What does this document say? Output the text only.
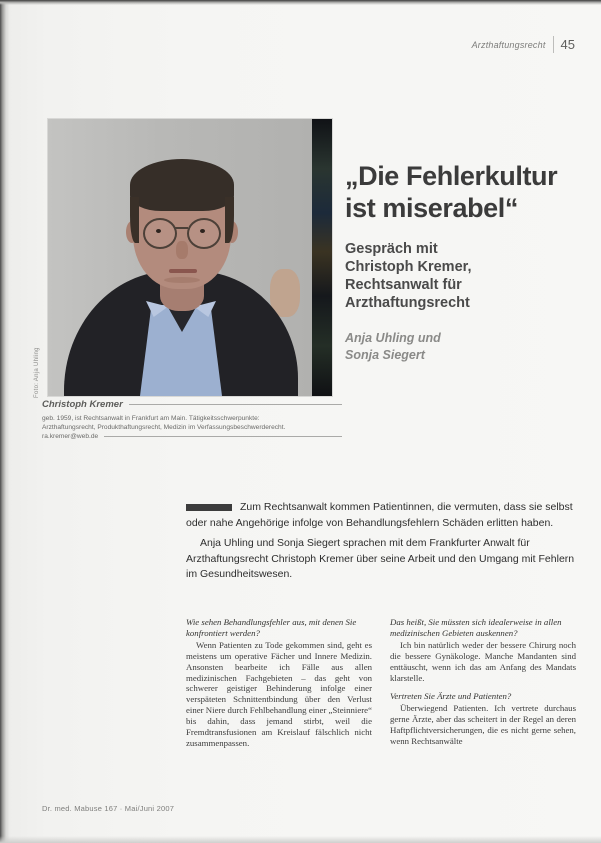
Arzthaftungsrecht 45
Foto: Anja Uhling
„Die Fehlerkultur
ist miserabel“
Gespräch mit Christoph Kremer, Rechtsanwalt für Arzthaftungsrecht
Anja Uhling und
Sonja Siegert
Christoph Kremer
geb. 1959, ist Rechtsanwalt in Frankfurt am Main. Tätigkeitsschwerpunkte:
Arzthaftungsrecht, Produkthaftungsrecht, Medizin im Verfassungsbeschwerderecht.
ra.kremer@web.de

Zum Rechtsanwalt kommen Patientinnen, die vermuten, dass sie selbst oder nahe Angehörige infolge von Behandlungsfehlern Schäden erlitten haben.

Anja Uhling und Sonja Siegert sprachen mit dem Frankfurter Anwalt für Arzthaftungsrecht Christoph Kremer über seine Arbeit und den Umgang mit Fehlern im Gesundheitswesen.

Wie sehen Behandlungsfehler aus, mit denen Sie konfrontiert werden?

Wenn Patienten zu Tode gekommen sind, geht es meistens um operative Fächer und Innere Medizin. Ansonsten bearbeite ich Fälle aus allen medizinischen Fachgebieten – das geht von schwerer geistiger Behinderung infolge einer verspäteten Schnittentbindung über den Verlust einer Niere durch Fehlbehandlung einer „Steinniere“ bis dahin, dass jemand stirbt, weil die Fremdtransfusionen am Kreislauf fälschlich nicht zusammenpassen.

Das heißt, Sie müssten sich idealerweise in allen medizinischen Gebieten auskennen?

Ich bin natürlich weder der bessere Chirurg noch die bessere Gynäkologe. Manche Mandanten sind enttäuscht, wenn ich das am Anfang des Mandats klarstelle.

Vertreten Sie Ärzte und Patienten?

Überwiegend Patienten. Ich vertrete durchaus gerne Ärzte, aber das scheitert in der Regel an deren Haftpflichtversicherungen, die es nicht gerne sehen, wenn Rechtsanwälte

Dr. med. Mabuse 167 · Mai/Juni 2007
